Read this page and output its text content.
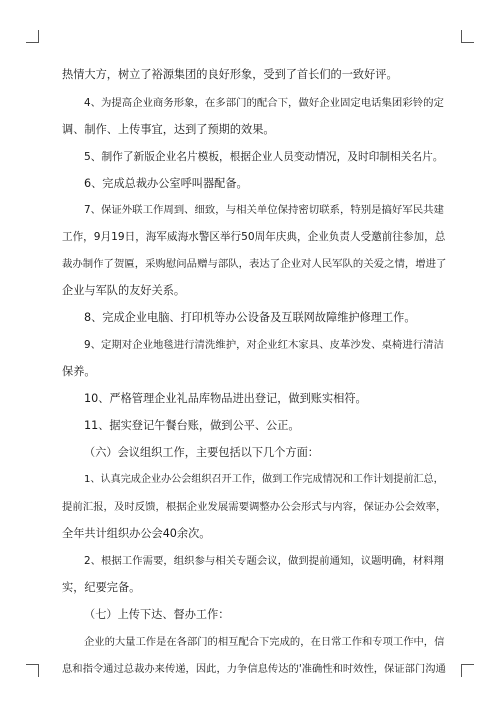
热情大方，树立了裕源集团的良好形象，受到了首长们的一致好评。
4、为提高企业商务形象，在多部门的配合下，做好企业固定电话集团彩铃的定
调、制作、上传事宜，达到了预期的效果。
5、制作了新版企业名片模板，根据企业人员变动情况，及时印制相关名片。
6、完成总裁办公室呼叫器配备。
7、保证外联工作周到、细致，与相关单位保持密切联系，特别是搞好军民共建
工作，9月19日，海军威海水警区举行50周年庆典，企业负责人受邀前往参加，总
裁办制作了贺匾，采购慰问品赠与部队，表达了企业对人民军队的关爱之情，增进了
企业与军队的友好关系。
8、完成企业电脑、打印机等办公设备及互联网故障维护修理工作。
9、定期对企业地毯进行清洗维护，对企业红木家具、皮革沙发、桌椅进行清洁
保养。
10、严格管理企业礼品库物品进出登记，做到账实相符。
11、据实登记午餐台账，做到公平、公正。
（六）会议组织工作，主要包括以下几个方面：
1、认真完成企业办公会组织召开工作，做到工作完成情况和工作计划提前汇总，
提前汇报，及时反馈，根据企业发展需要调整办公会形式与内容，保证办公会效率，
全年共计组织办公会40余次。
2、根据工作需要，组织参与相关专题会议，做到提前通知，议题明确，材料翔
实，纪要完备。
（七）上传下达、督办工作：
企业的大量工作是在各部门的相互配合下完成的，在日常工作和专项工作中，信
息和指令通过总裁办来传递，因此，力争信息传达的'准确性和时效性，保证部门沟通
